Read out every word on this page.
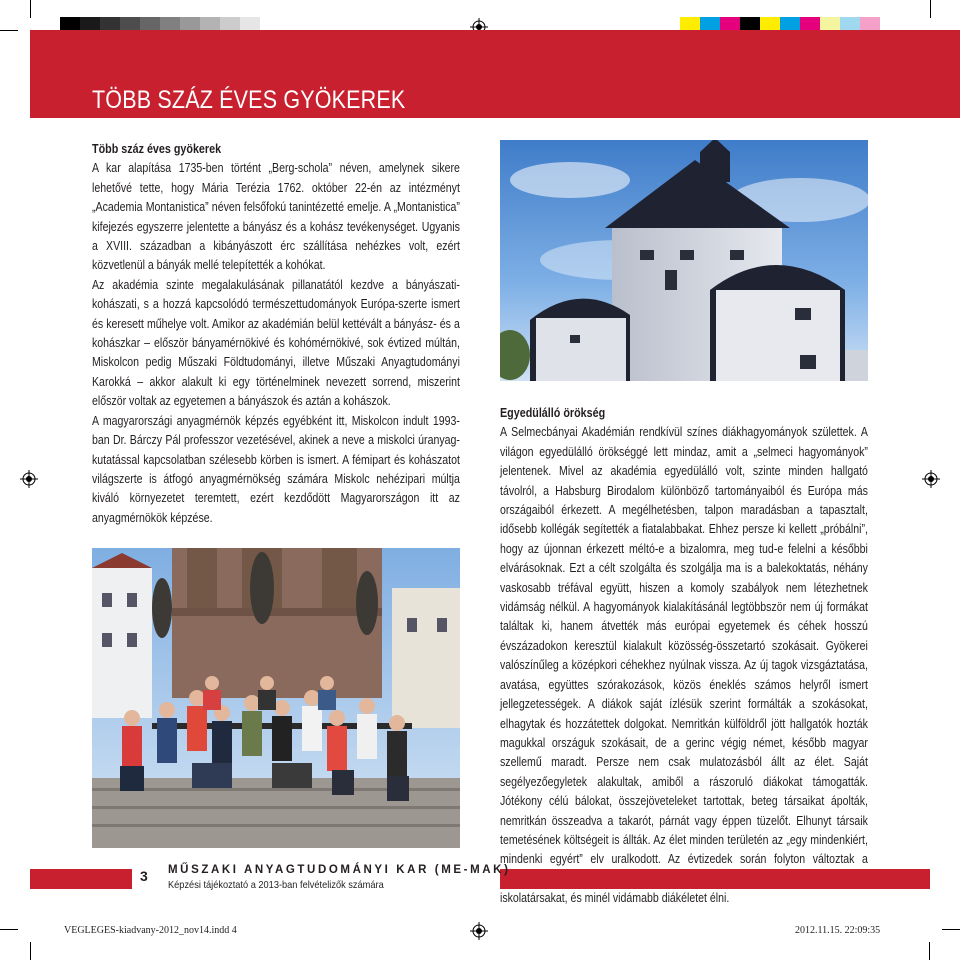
TÖBB SZÁZ ÉVES GYÖKEREK
Több száz éves gyökerek

A kar alapítása 1735-ben történt „Berg-schola” néven, amelynek sikere lehetővé tette, hogy Mária Terézia 1762. október 22-én az intézményt „Academia Montanistica” néven felsőfokú tanintézetté emelje. A „Montanistica” kifejezés egyszerre jelentette a bányász és a kohász tevékenységet. Ugyanis a XVIII. században a kibányászott érc szállítása nehézkes volt, ezért közvetlenül a bányák mellé telepítették a kohókat.

Az akadémia szinte megalakulásának pillanatától kezdve a bányászati-kohászati, s a hozzá kapcsolódó természettudományok Európa-szerte ismert és keresett műhelye volt. Amikor az akadémián belül kettévált a bányász- és a kohászkar – először bányamérnökivé és kohómérnökivé, sok évtized múltán, Miskolcon pedig Műszaki Földtudományi, illetve Műszaki Anyagtudományi Karokká – akkor alakult ki egy történelminek nevezett sorrend, miszerint először voltak az egyetemen a bányászok és aztán a kohászok.

A magyarországi anyagmérnök képzés egyébként itt, Miskolcon indult 1993-ban Dr. Bárczy Pál professzor vezetésével, akinek a neve a miskolci úranyag-kutatással kapcsolatban szélesebb körben is ismert. A fémipart és kohászatot világszerte is átfogó anyagmérnökség számára Miskolc nehézipari múltja kiváló környezetet teremtett, ezért kezdődött Magyarországon itt az anyagmérnökök képzése.

Egyedülálló örökség

A Selmecbányai Akadémián rendkívül színes diákhagyományok születtek. A világon egyedülálló örökséggé lett mindaz, amit a „selmeci hagyományok” jelentenek. Mivel az akadémia egyedülálló volt, szinte minden hallgató távolról, a Habsburg Birodalom különböző tartományaiból és Európa más országaiból érkezett. A megélhetésben, talpon maradásban a tapasztalt, idősebb kollégák segítették a fiatalabbakat. Ehhez persze ki kellett „próbálni”, hogy az újonnan érkezett méltó-e a bizalomra, meg tud-e felelni a későbbi elvárásoknak. Ezt a célt szolgálta és szolgálja ma is a balekoktatás, néhány vaskosabb tréfával együtt, hiszen a komoly szabályok nem létezhetnek vidámság nélkül. A hagyományok kialakításánál legtöbbször nem új formákat találtak ki, hanem átvették más európai egyetemek és céhek hosszú évszázadokon keresztül kialakult közösség-összetartó szokásait. Gyökerei valószínűleg a középkori céhekhez nyúlnak vissza. Az új tagok vizsgáztatása, avatása, együttes szórakozások, közös éneklés számos helyről ismert jellegzetességek. A diákok saját ízlésük szerint formálták a szokásokat, elhagytak és hozzátettek dolgokat. Nemritkán külföldről jött hallgatók hozták magukkal országuk szokásait, de a gerinc végig német, később magyar szellemű maradt. Persze nem csak mulatozásból állt az élet. Saját segélyezőegyletek alakultak, amiből a rászoruló diákokat támogatták. Jótékony célú bálokat, összejöveteleket tartottak, beteg társaikat ápolták, nemritkán összeadva a takarót, párnát vagy éppen tüzelőt. Elhunyt társaik temetésének költségeit is állták. Az élet minden területén az „egy mindenkiért, mindenki egyért” elv uralkodott. Az évtizedek során folyton változtak a iskolatársakat, és minél vidámabb diákéletet élni.

3 MŰSZAKI ANYAGTUDOMÁNYI KAR (ME-MAK)
Képzési tájékoztató a 2013-ban felvételizők számára
VEGLEGES-kiadvany-2012_nov14.indd 4	2012.11.15. 22:09:35
